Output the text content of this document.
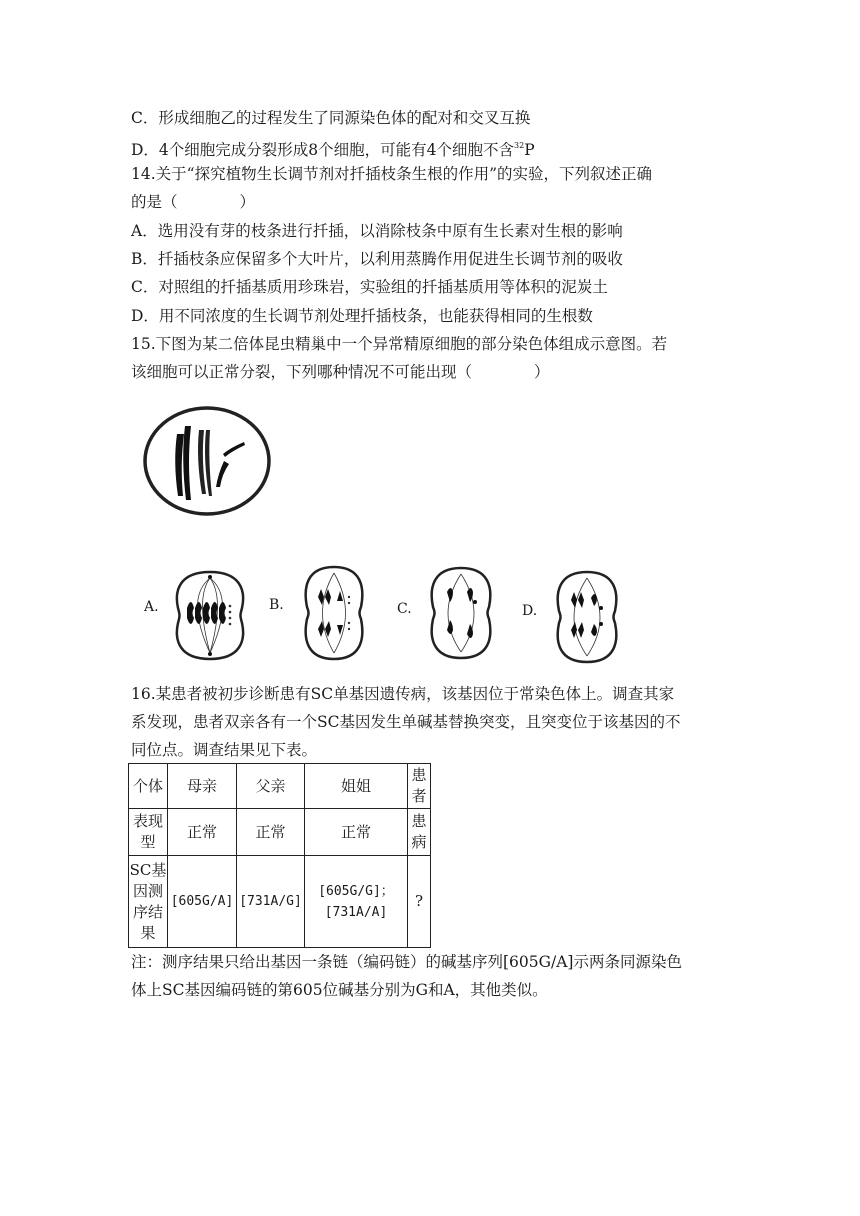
C．形成细胞乙的过程发生了同源染色体的配对和交叉互换
D．4个细胞完成分裂形成8个细胞，可能有4个细胞不含$^{32}$P
14.关于“探究植物生长调节剂对扦插枝条生根的作用”的实验，下列叙述正确
的是（　　　　）
A．选用没有芽的枝条进行扦插，以消除枝条中原有生长素对生根的影响
B．扦插枝条应保留多个大叶片，以利用蒸腾作用促进生长调节剂的吸收
C．对照组的扦插基质用珍珠岩，实验组的扦插基质用等体积的泥炭土
D．用不同浓度的生长调节剂处理扦插枝条，也能获得相同的生根数
15.下图为某二倍体昆虫精巢中一个异常精原细胞的部分染色体组成示意图。若
该细胞可以正常分裂，下列哪种情况不可能出现（　　　　）
A.	B.	C.	D.
16.某患者被初步诊断患有SC单基因遗传病，该基因位于常染色体上。调查其家
系发现，患者双亲各有一个SC基因发生单碱基替换突变，且突变位于该基因的不
同位点。调查结果见下表。
个体	母亲	父亲	姐姐	患者
表现型	正常	正常	正常	患病
SC基因测序结果	[605G/A]	[731A/G]	[605G/G]；
[731A/A]	?
注：测序结果只给出基因一条链（编码链）的碱基序列[605G/A]示两条同源染色
体上SC基因编码链的第605位碱基分别为G和A，其他类似。
